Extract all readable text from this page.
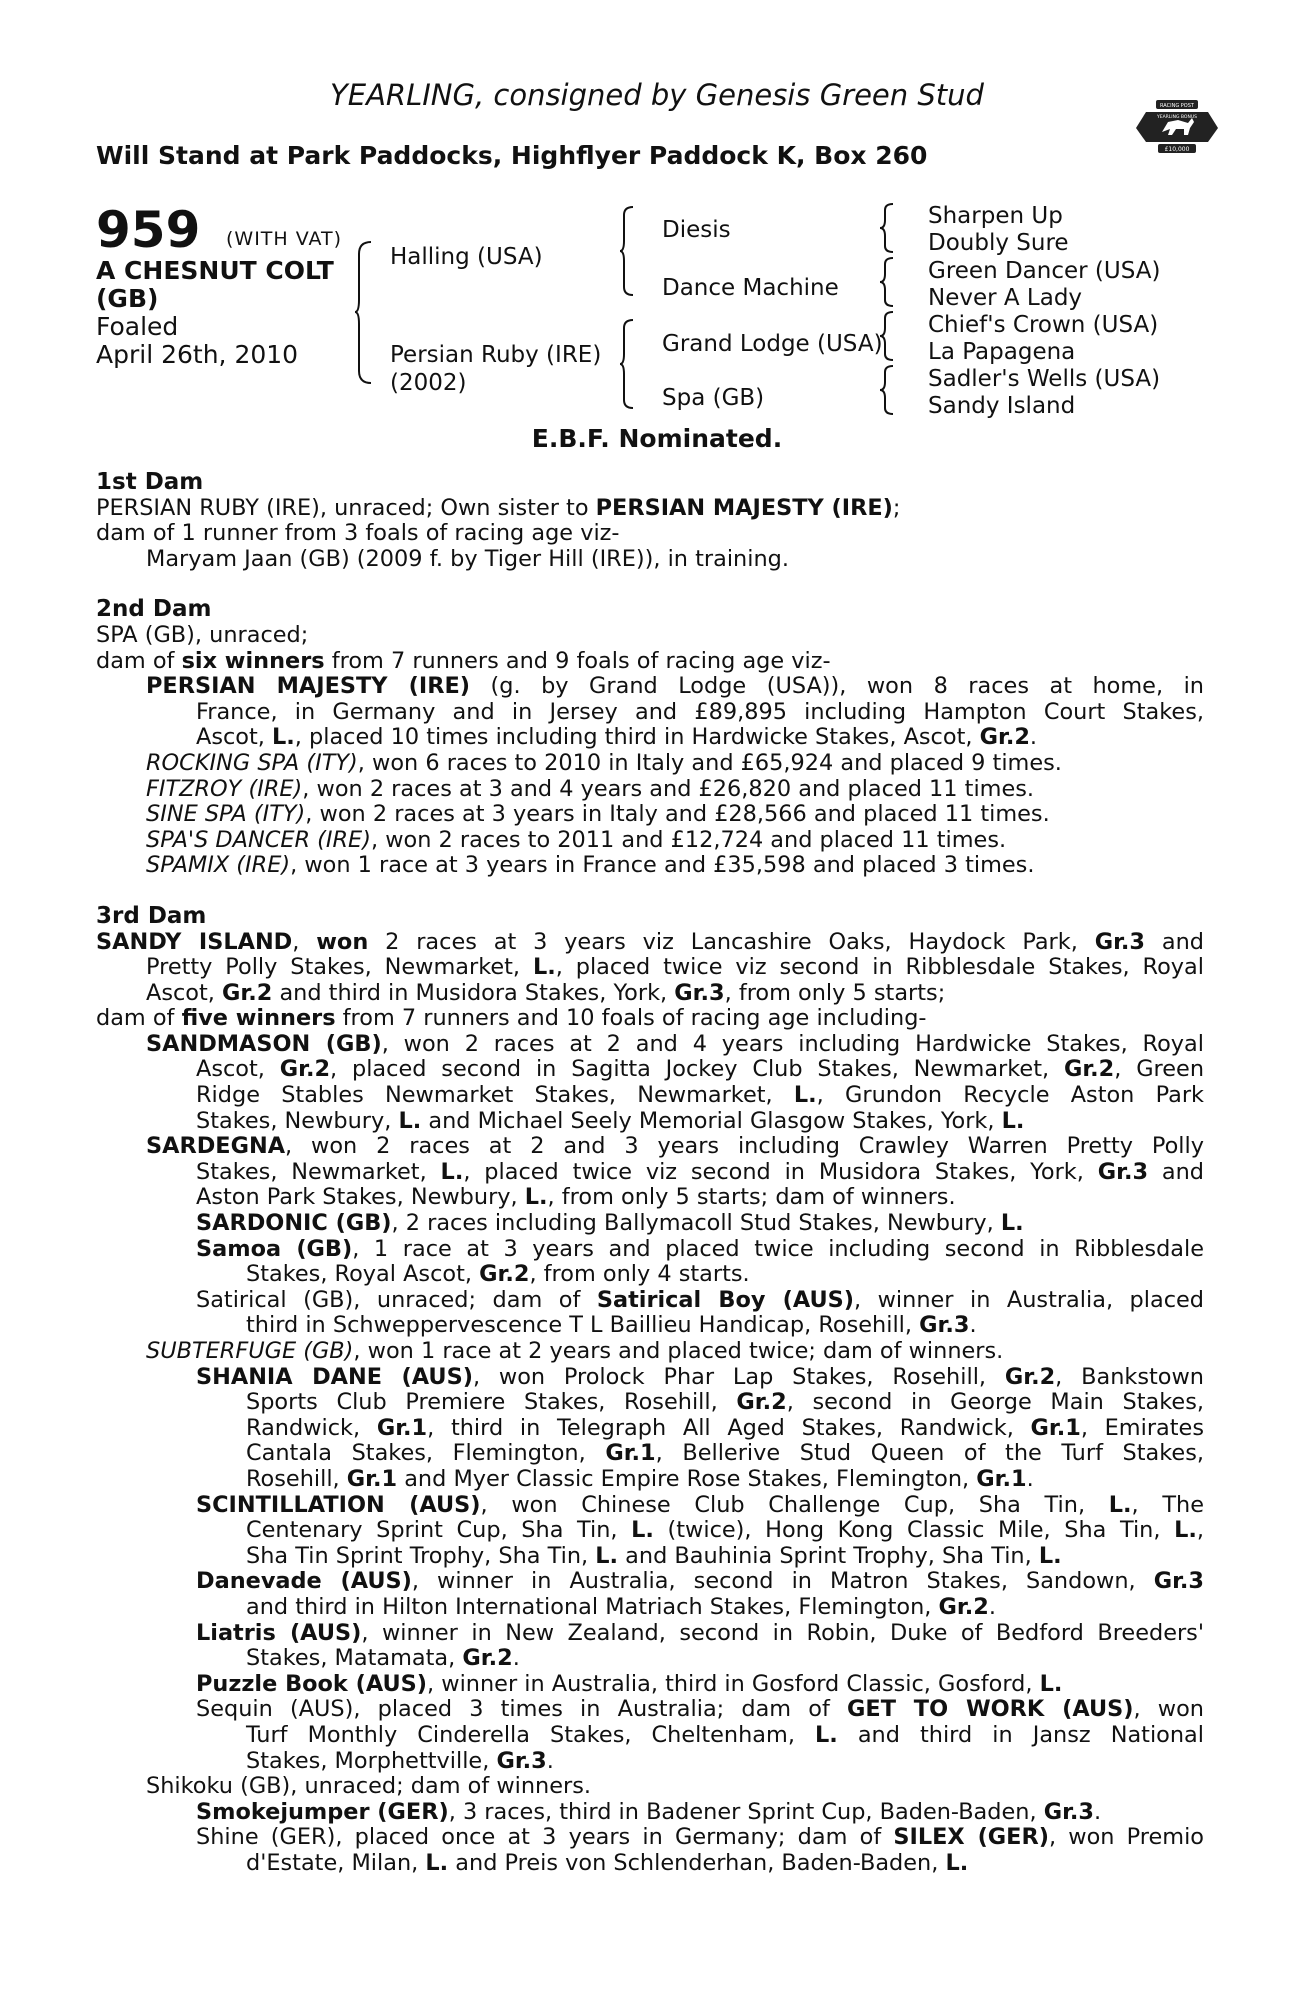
YEARLING, consigned by Genesis Green Stud
Will Stand at Park Paddocks, Highflyer Paddock K, Box 260
RACING POST
YEARLING BONUS
£10,000
959 (WITH VAT)
A CHESNUT COLT
(GB)
Foaled
April 26th, 2010
Halling (USA)
Persian Ruby (IRE)
(2002)
Diesis
Dance Machine
Grand Lodge (USA)
Spa (GB)
Sharpen Up
Doubly Sure
Green Dancer (USA)
Never A Lady
Chief's Crown (USA)
La Papagena
Sadler's Wells (USA)
Sandy Island
E.B.F. Nominated.
1st Dam
PERSIAN RUBY (IRE), unraced; Own sister to PERSIAN MAJESTY (IRE);
dam of 1 runner from 3 foals of racing age viz-
Maryam Jaan (GB) (2009 f. by Tiger Hill (IRE)), in training.
2nd Dam
SPA (GB), unraced;
dam of six winners from 7 runners and 9 foals of racing age viz-
PERSIAN MAJESTY (IRE) (g. by Grand Lodge (USA)), won 8 races at home, in
France, in Germany and in Jersey and £89,895 including Hampton Court Stakes,
Ascot, L., placed 10 times including third in Hardwicke Stakes, Ascot, Gr.2.
ROCKING SPA (ITY), won 6 races to 2010 in Italy and £65,924 and placed 9 times.
FITZROY (IRE), won 2 races at 3 and 4 years and £26,820 and placed 11 times.
SINE SPA (ITY), won 2 races at 3 years in Italy and £28,566 and placed 11 times.
SPA'S DANCER (IRE), won 2 races to 2011 and £12,724 and placed 11 times.
SPAMIX (IRE), won 1 race at 3 years in France and £35,598 and placed 3 times.
3rd Dam
SANDY ISLAND, won 2 races at 3 years viz Lancashire Oaks, Haydock Park, Gr.3 and
Pretty Polly Stakes, Newmarket, L., placed twice viz second in Ribblesdale Stakes, Royal
Ascot, Gr.2 and third in Musidora Stakes, York, Gr.3, from only 5 starts;
dam of five winners from 7 runners and 10 foals of racing age including-
SANDMASON (GB), won 2 races at 2 and 4 years including Hardwicke Stakes, Royal
Ascot, Gr.2, placed second in Sagitta Jockey Club Stakes, Newmarket, Gr.2, Green
Ridge Stables Newmarket Stakes, Newmarket, L., Grundon Recycle Aston Park
Stakes, Newbury, L. and Michael Seely Memorial Glasgow Stakes, York, L.
SARDEGNA, won 2 races at 2 and 3 years including Crawley Warren Pretty Polly
Stakes, Newmarket, L., placed twice viz second in Musidora Stakes, York, Gr.3 and
Aston Park Stakes, Newbury, L., from only 5 starts; dam of winners.
SARDONIC (GB), 2 races including Ballymacoll Stud Stakes, Newbury, L.
Samoa (GB), 1 race at 3 years and placed twice including second in Ribblesdale
Stakes, Royal Ascot, Gr.2, from only 4 starts.
Satirical (GB), unraced; dam of Satirical Boy (AUS), winner in Australia, placed
third in Schweppervescence T L Baillieu Handicap, Rosehill, Gr.3.
SUBTERFUGE (GB), won 1 race at 2 years and placed twice; dam of winners.
SHANIA DANE (AUS), won Prolock Phar Lap Stakes, Rosehill, Gr.2, Bankstown
Sports Club Premiere Stakes, Rosehill, Gr.2, second in George Main Stakes,
Randwick, Gr.1, third in Telegraph All Aged Stakes, Randwick, Gr.1, Emirates
Cantala Stakes, Flemington, Gr.1, Bellerive Stud Queen of the Turf Stakes,
Rosehill, Gr.1 and Myer Classic Empire Rose Stakes, Flemington, Gr.1.
SCINTILLATION (AUS), won Chinese Club Challenge Cup, Sha Tin, L., The
Centenary Sprint Cup, Sha Tin, L. (twice), Hong Kong Classic Mile, Sha Tin, L.,
Sha Tin Sprint Trophy, Sha Tin, L. and Bauhinia Sprint Trophy, Sha Tin, L.
Danevade (AUS), winner in Australia, second in Matron Stakes, Sandown, Gr.3
and third in Hilton International Matriach Stakes, Flemington, Gr.2.
Liatris (AUS), winner in New Zealand, second in Robin, Duke of Bedford Breeders'
Stakes, Matamata, Gr.2.
Puzzle Book (AUS), winner in Australia, third in Gosford Classic, Gosford, L.
Sequin (AUS), placed 3 times in Australia; dam of GET TO WORK (AUS), won
Turf Monthly Cinderella Stakes, Cheltenham, L. and third in Jansz National
Stakes, Morphettville, Gr.3.
Shikoku (GB), unraced; dam of winners.
Smokejumper (GER), 3 races, third in Badener Sprint Cup, Baden-Baden, Gr.3.
Shine (GER), placed once at 3 years in Germany; dam of SILEX (GER), won Premio
d'Estate, Milan, L. and Preis von Schlenderhan, Baden-Baden, L.
